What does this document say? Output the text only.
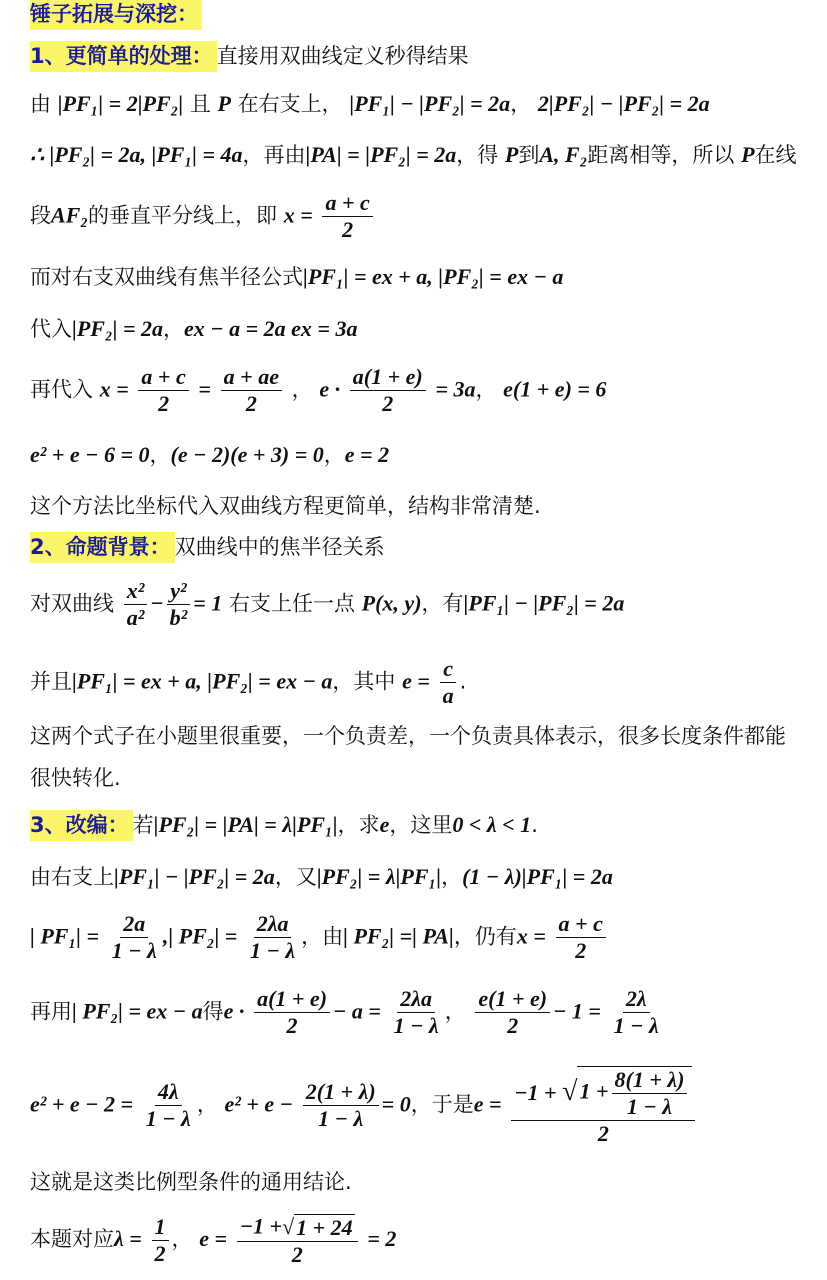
锤子拓展与深挖：
1、更简单的处理： 直接用双曲线定义秒得结果
由 |PF₁| = 2|PF₂| 且 P 在右支上， |PF₁| − |PF₂| = 2a， 2|PF₂| − |PF₂| = 2a
∴ |PF₂| = 2a, |PF₁| = 4a，再由|PA| = |PF₂| = 2a，得 P到A, F₂距离相等，所以 P在线
段AF₂的垂直平分线上，即 $x = \frac{a + c}{2}$
而对右支双曲线有焦半径公式|PF₁| = ex + a, |PF₂| = ex − a
代入|PF₂| = 2a，ex − a = 2a ex = 3a
再代入 $x = \frac{a + c}{2} = \frac{a + ae}{2}$ ， $e \cdot \frac{a(1 + e)}{2} = 3a$， e(1 + e) = 6
e² + e − 6 = 0，(e − 2)(e + 3) = 0，e = 2
这个方法比坐标代入双曲线方程更简单，结构非常清楚.
2、命题背景： 双曲线中的焦半径关系
对双曲线 $\frac{\text{x²}}{\text{a²}} - \frac{\text{y²}}{\text{b²}} = 1$ 右支上任一点 P(x, y)，有|PF₁| − |PF₂| = 2a
并且|PF₁| = ex + a, |PF₂| = ex − a，其中 $e = \frac{c}{a}$ .
这两个式子在小题里很重要，一个负责差，一个负责具体表示，很多长度条件都能
很快转化.
3、改编： 若|PF₂| = |PA| = λ|PF₁|，求e，这里0 < λ < 1.
由右支上|PF₁| − |PF₂| = 2a，又|PF₂| = λ|PF₁|，(1 − λ)|PF₁| = 2a
| $PF_1| = \frac{2a}{1 - \lambda}$ ,| $PF_2| = \frac{2\lambda a}{1 - \lambda}$ ，由| PF₂| =| PA|，仍有$x = \frac{a + c}{2}$
再用| PF₂| = ex − a得$e \cdot \frac{a(1 + e)}{2} - a = \frac{2\lambda a}{1 - \lambda}$ ， $\frac{e(1 + e)}{2} - 1 = \frac{2\lambda}{1 - \lambda}$
$e^2 + e - 2 = \frac{4\lambda}{1 - \lambda}$ ， $e^2 + e - \frac{2(1 + \lambda)}{1 - \lambda} = 0$，于是$e = \frac{-1 + √ 1 + \frac{8(1 + \lambda)}{1 - \lambda}}{2}$
这就是这类比例型条件的通用结论.
本题对应$\lambda = \frac{1}{2}$ ， $e = \frac{-1 + √ 1 + 24}{2} = 2$
